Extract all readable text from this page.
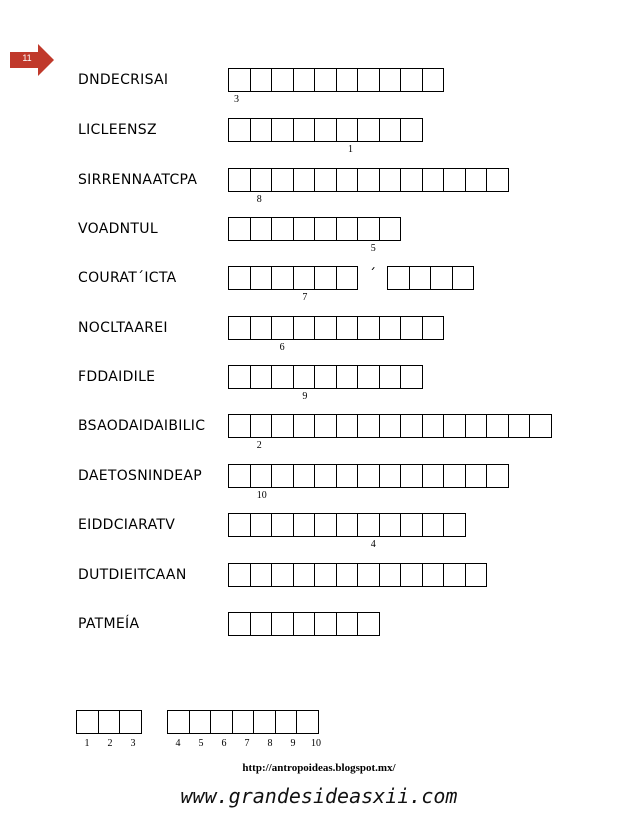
11
DNDECRISAI
3
LICLEENSZ
1
SIRRENNAATCPA
8
VOADNTUL
5
COURAT´ICTA	´
7
NOCLTAAREI
6
FDDAIDILE
9
BSAODAIDAIBILIC
2
DAETOSNINDEAP
10
EIDDCIARATV
4
DUTDIEITCAAN
PATMEÍA
1	2	3	4	5	6	7	8	9	10
http://antropoideas.blogspot.mx/
www.grandesideasxii.com
